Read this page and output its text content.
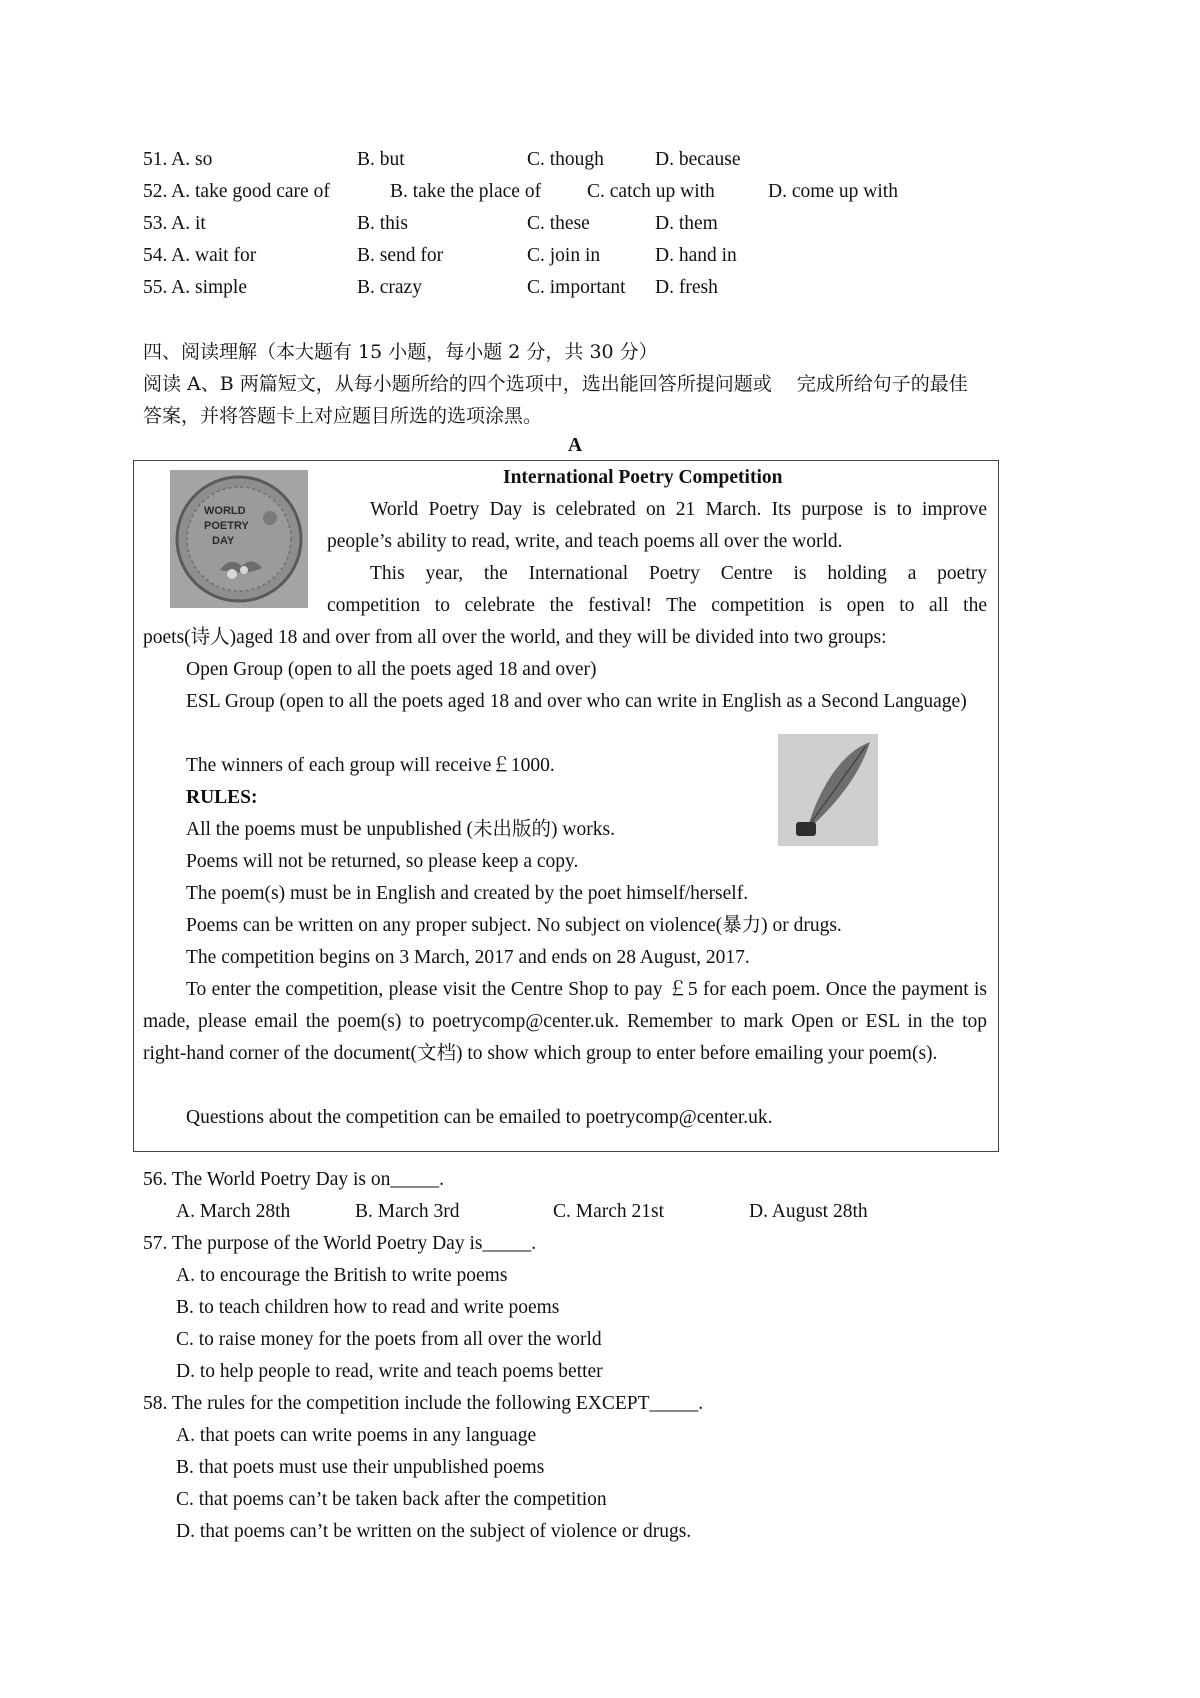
51. A. so	B. but	C. though	D. because
52. A. take good care of	B. take the place of C. catch up with	D. come up with
53. A. it	B. this	C. these	D. them
54. A. wait for	B. send for	C. join in	D. hand in
55. A. simple	B. crazy	C. important D. fresh
四、阅读理解（本大题有 15 小题，每小题 2 分，共 30 分）
阅读 A、B 两篇短文，从每小题所给的四个选项中，选出能回答所提问题或　 完成所给句子的最佳
答案，并将答题卡上对应题目所选的选项涂黑。
A
WORLD
POETRY
DAY
International Poetry Competition
World Poetry Day is celebrated on 21 March. Its purpose is to improve
people’s ability to read, write, and teach poems all over the world.
This year, the International Poetry Centre is holding a poetry
competition to celebrate the festival! The competition is open to all the
poets(诗人)aged 18 and over from all over the world, and they will be divided into two groups:
Open Group (open to all the poets aged 18 and over)
ESL Group (open to all the poets aged 18 and over who can write in English as a Second Language)
The winners of each group will receive￡1000.
RULES:
All the poems must be unpublished (未出版的) works.
Poems will not be returned, so please keep a copy.
The poem(s) must be in English and created by the poet himself/herself.
Poems can be written on any proper subject. No subject on violence(暴力) or drugs.
The competition begins on 3 March, 2017 and ends on 28 August, 2017.
To enter the competition, please visit the Centre Shop to pay ￡5 for each poem. Once the payment is made, please email the poem(s) to poetrycomp@center.uk. Remember to mark Open or ESL in the top right-hand corner of the document(文档) to show which group to enter before emailing your poem(s).
Questions about the competition can be emailed to poetrycomp@center.uk.
56. The World Poetry Day is on_____.
A. March 28th	B. March 3rd	C. March 21st	D. August 28th
57. The purpose of the World Poetry Day is_____.
A. to encourage the British to write poems
B. to teach children how to read and write poems
C. to raise money for the poets from all over the world
D. to help people to read, write and teach poems better
58. The rules for the competition include the following EXCEPT_____.
A. that poets can write poems in any language
B. that poets must use their unpublished poems
C. that poems can’t be taken back after the competition
D. that poems can’t be written on the subject of violence or drugs.
